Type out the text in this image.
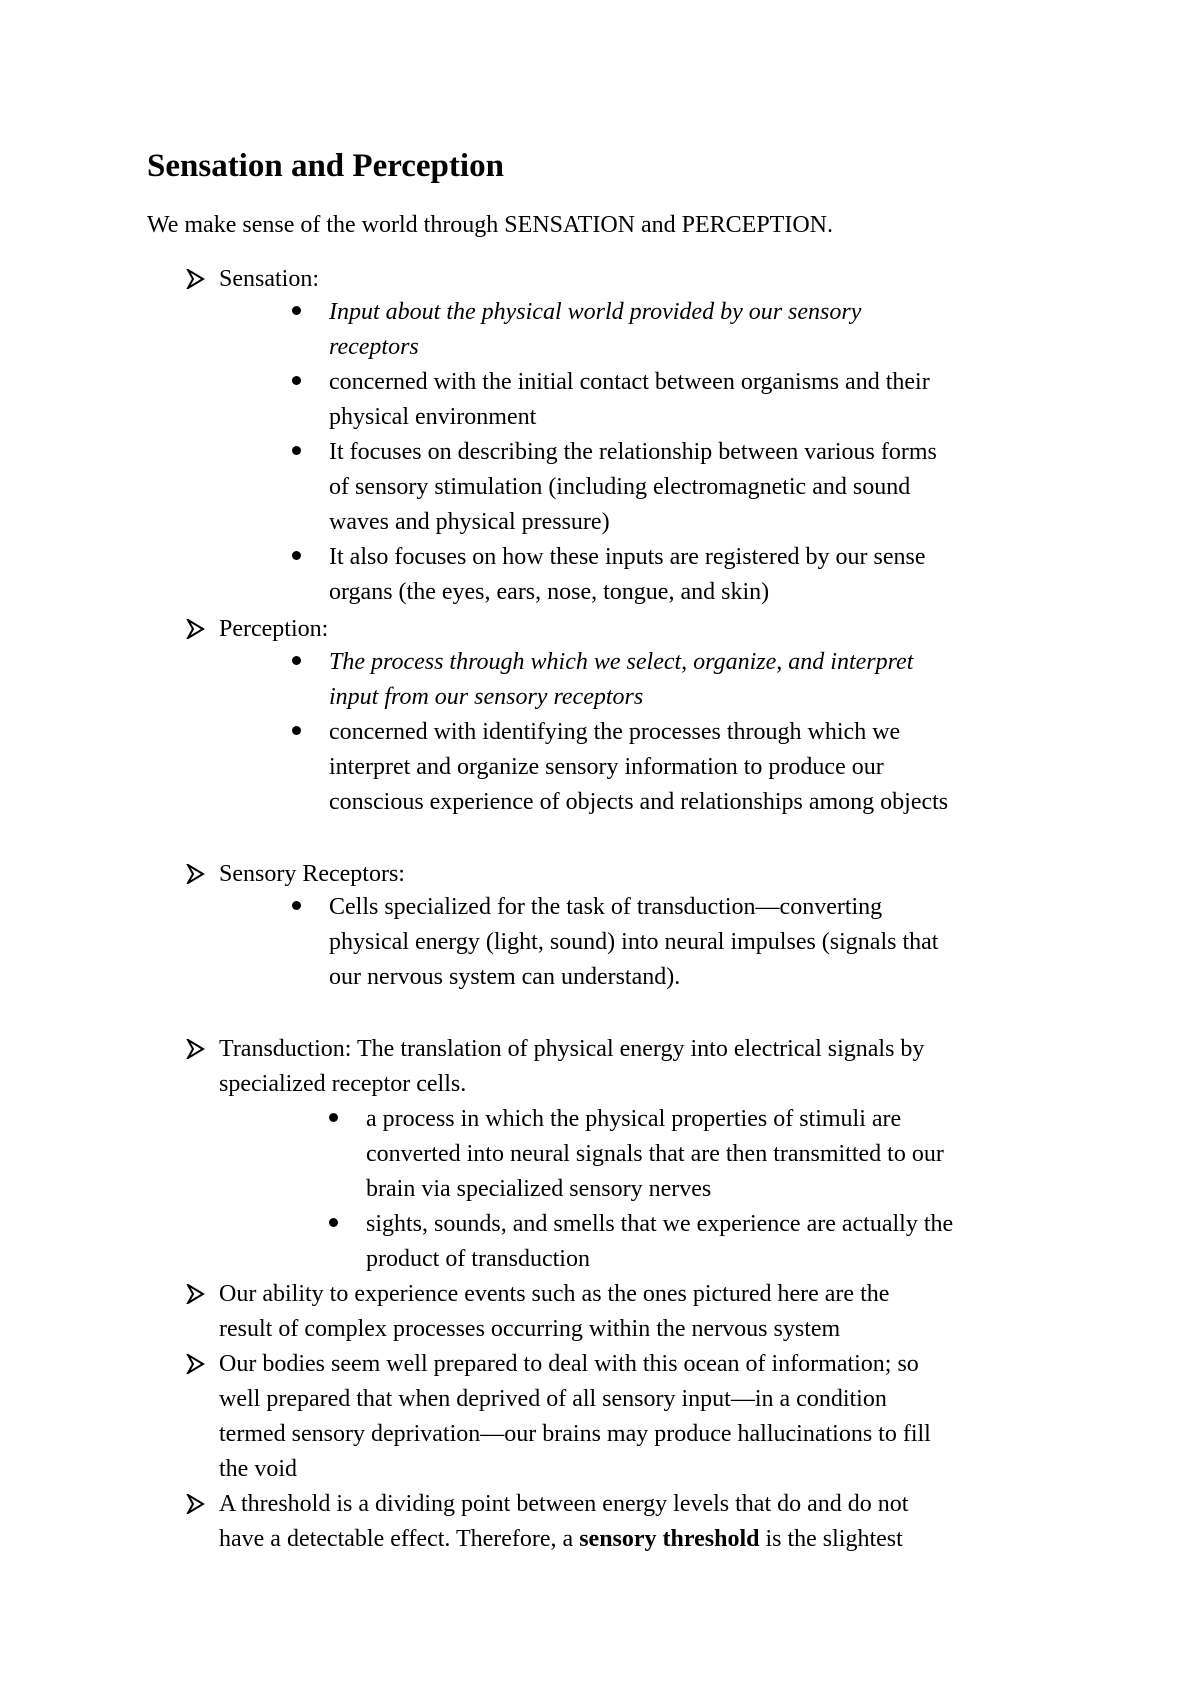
Sensation and Perception

We make sense of the world through SENSATION and PERCEPTION.

Sensation:

Input about the physical world provided by our sensory

receptors

concerned with the initial contact between organisms and their

physical environment

It focuses on describing the relationship between various forms

of sensory stimulation (including electromagnetic and sound

waves and physical pressure)

It also focuses on how these inputs are registered by our sense

organs (the eyes, ears, nose, tongue, and skin)

Perception:

The process through which we select, organize, and interpret

input from our sensory receptors

concerned with identifying the processes through which we

interpret and organize sensory information to produce our

conscious experience of objects and relationships among objects

Sensory Receptors:

Cells specialized for the task of transduction—converting

physical energy (light, sound) into neural impulses (signals that

our nervous system can understand).

Transduction: The translation of physical energy into electrical signals by

specialized receptor cells.

a process in which the physical properties of stimuli are

converted into neural signals that are then transmitted to our

brain via specialized sensory nerves

sights, sounds, and smells that we experience are actually the

product of transduction

Our ability to experience events such as the ones pictured here are the

result of complex processes occurring within the nervous system

Our bodies seem well prepared to deal with this ocean of information; so

well prepared that when deprived of all sensory input—in a condition

termed sensory deprivation—our brains may produce hallucinations to fill

the void

A threshold is a dividing point between energy levels that do and do not

have a detectable effect. Therefore, a sensory threshold is the slightest
